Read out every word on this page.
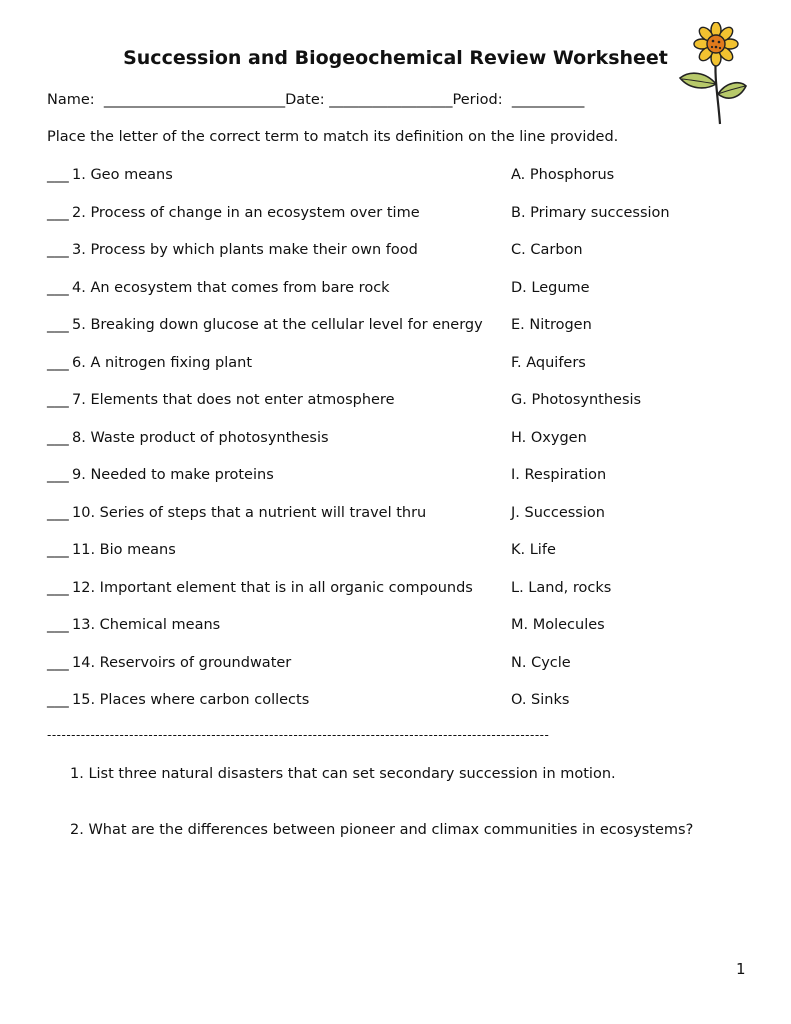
Succession and Biogeochemical Review Worksheet
Name:  _________________________Date: _________________Period:  __________
Place the letter of the correct term to match its definition on the line provided.
___ 1. Geo means	A. Phosphorus
___ 2. Process of change in an ecosystem over time	B. Primary succession
___ 3. Process by which plants make their own food	C. Carbon
___ 4. An ecosystem that comes from bare rock	D. Legume
___ 5. Breaking down glucose at the cellular level for energy E. Nitrogen
___ 6. A nitrogen fixing plant	F. Aquifers
___ 7. Elements that does not enter atmosphere	G. Photosynthesis
___ 8. Waste product of photosynthesis	H. Oxygen
___ 9. Needed to make proteins	I. Respiration
___ 10. Series of steps that a nutrient will travel thru	J. Succession
___ 11. Bio means	K. Life
___ 12. Important element that is in all organic compounds	L. Land, rocks
___ 13. Chemical means	M. Molecules
___ 14. Reservoirs of groundwater	N. Cycle
___ 15. Places where carbon collects	O. Sinks
--------------------------------------------------------------------------------------------------------
1. List three natural disasters that can set secondary succession in motion.
2. What are the differences between pioneer and climax communities in ecosystems?
1
